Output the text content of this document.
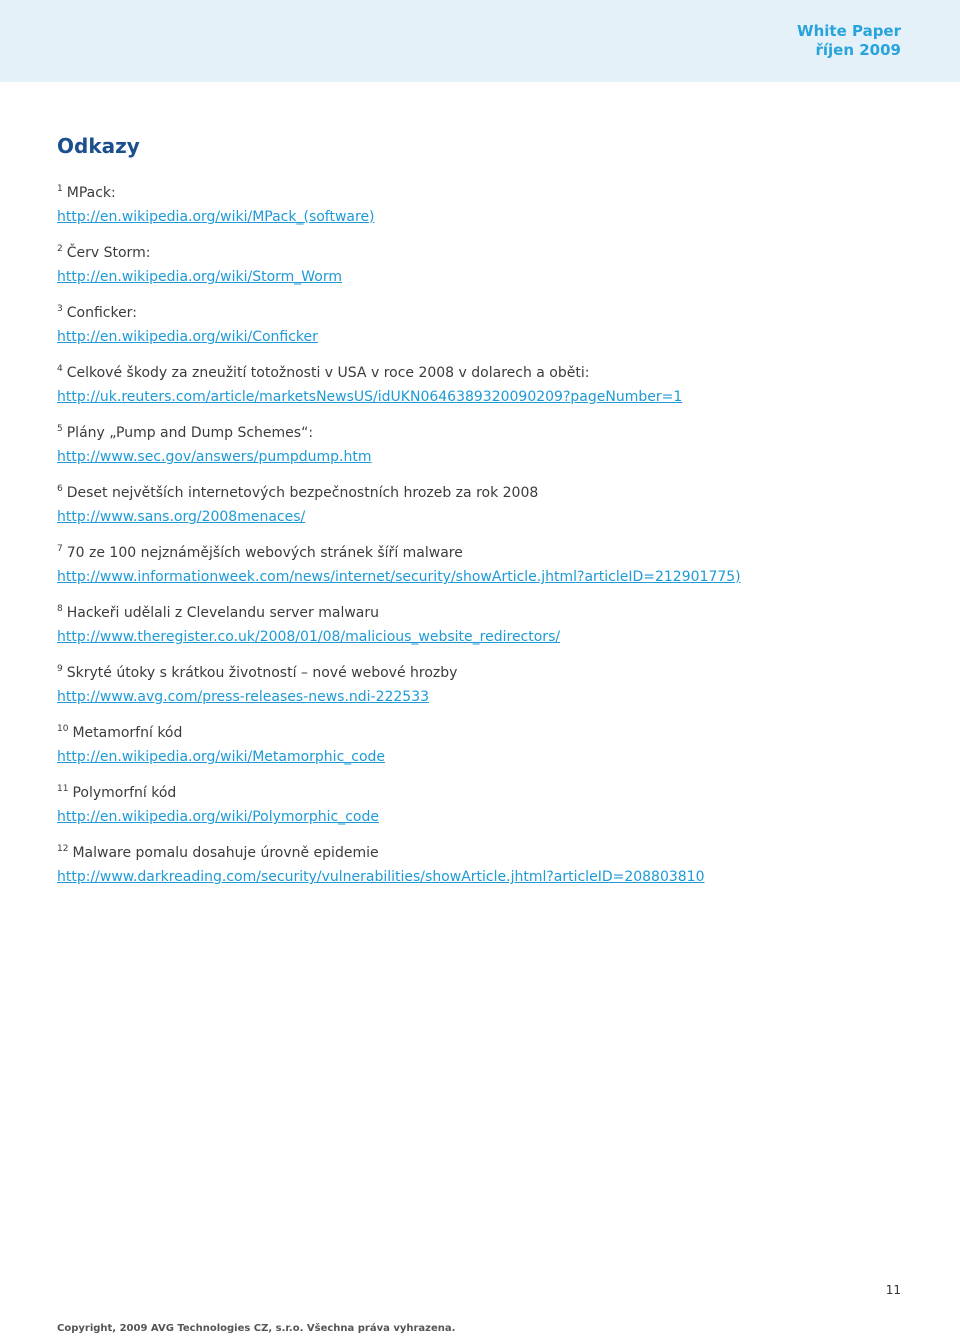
White Paper
říjen 2009
Odkazy
$^1$ MPack:
http://en.wikipedia.org/wiki/MPack_(software)
$^2$ Červ Storm:
http://en.wikipedia.org/wiki/Storm_Worm
$^3$ Conficker:
http://en.wikipedia.org/wiki/Conficker
$^4$ Celkové škody za zneužití totožnosti v USA v roce 2008 v dolarech a oběti:
http://uk.reuters.com/article/marketsNewsUS/idUKN0646389320090209?pageNumber=1
$^5$ Plány „Pump and Dump Schemes“:
http://www.sec.gov/answers/pumpdump.htm
$^6$ Deset největších internetových bezpečnostních hrozeb za rok 2008
http://www.sans.org/2008menaces/
$^7$ 70 ze 100 nejznámějších webových stránek šíří malware
http://www.informationweek.com/news/internet/security/showArticle.jhtml?articleID=212901775)
$^8$ Hackeři udělali z Clevelandu server malwaru
http://www.theregister.co.uk/2008/01/08/malicious_website_redirectors/
$^9$ Skryté útoky s krátkou životností – nové webové hrozby
http://www.avg.com/press-releases-news.ndi-222533
$^{10}$ Metamorfní kód
http://en.wikipedia.org/wiki/Metamorphic_code
$^{11}$ Polymorfní kód
http://en.wikipedia.org/wiki/Polymorphic_code
$^{12}$ Malware pomalu dosahuje úrovně epidemie
http://www.darkreading.com/security/vulnerabilities/showArticle.jhtml?articleID=208803810
11
Copyright, 2009 AVG Technologies CZ, s.r.o. Všechna práva vyhrazena.
